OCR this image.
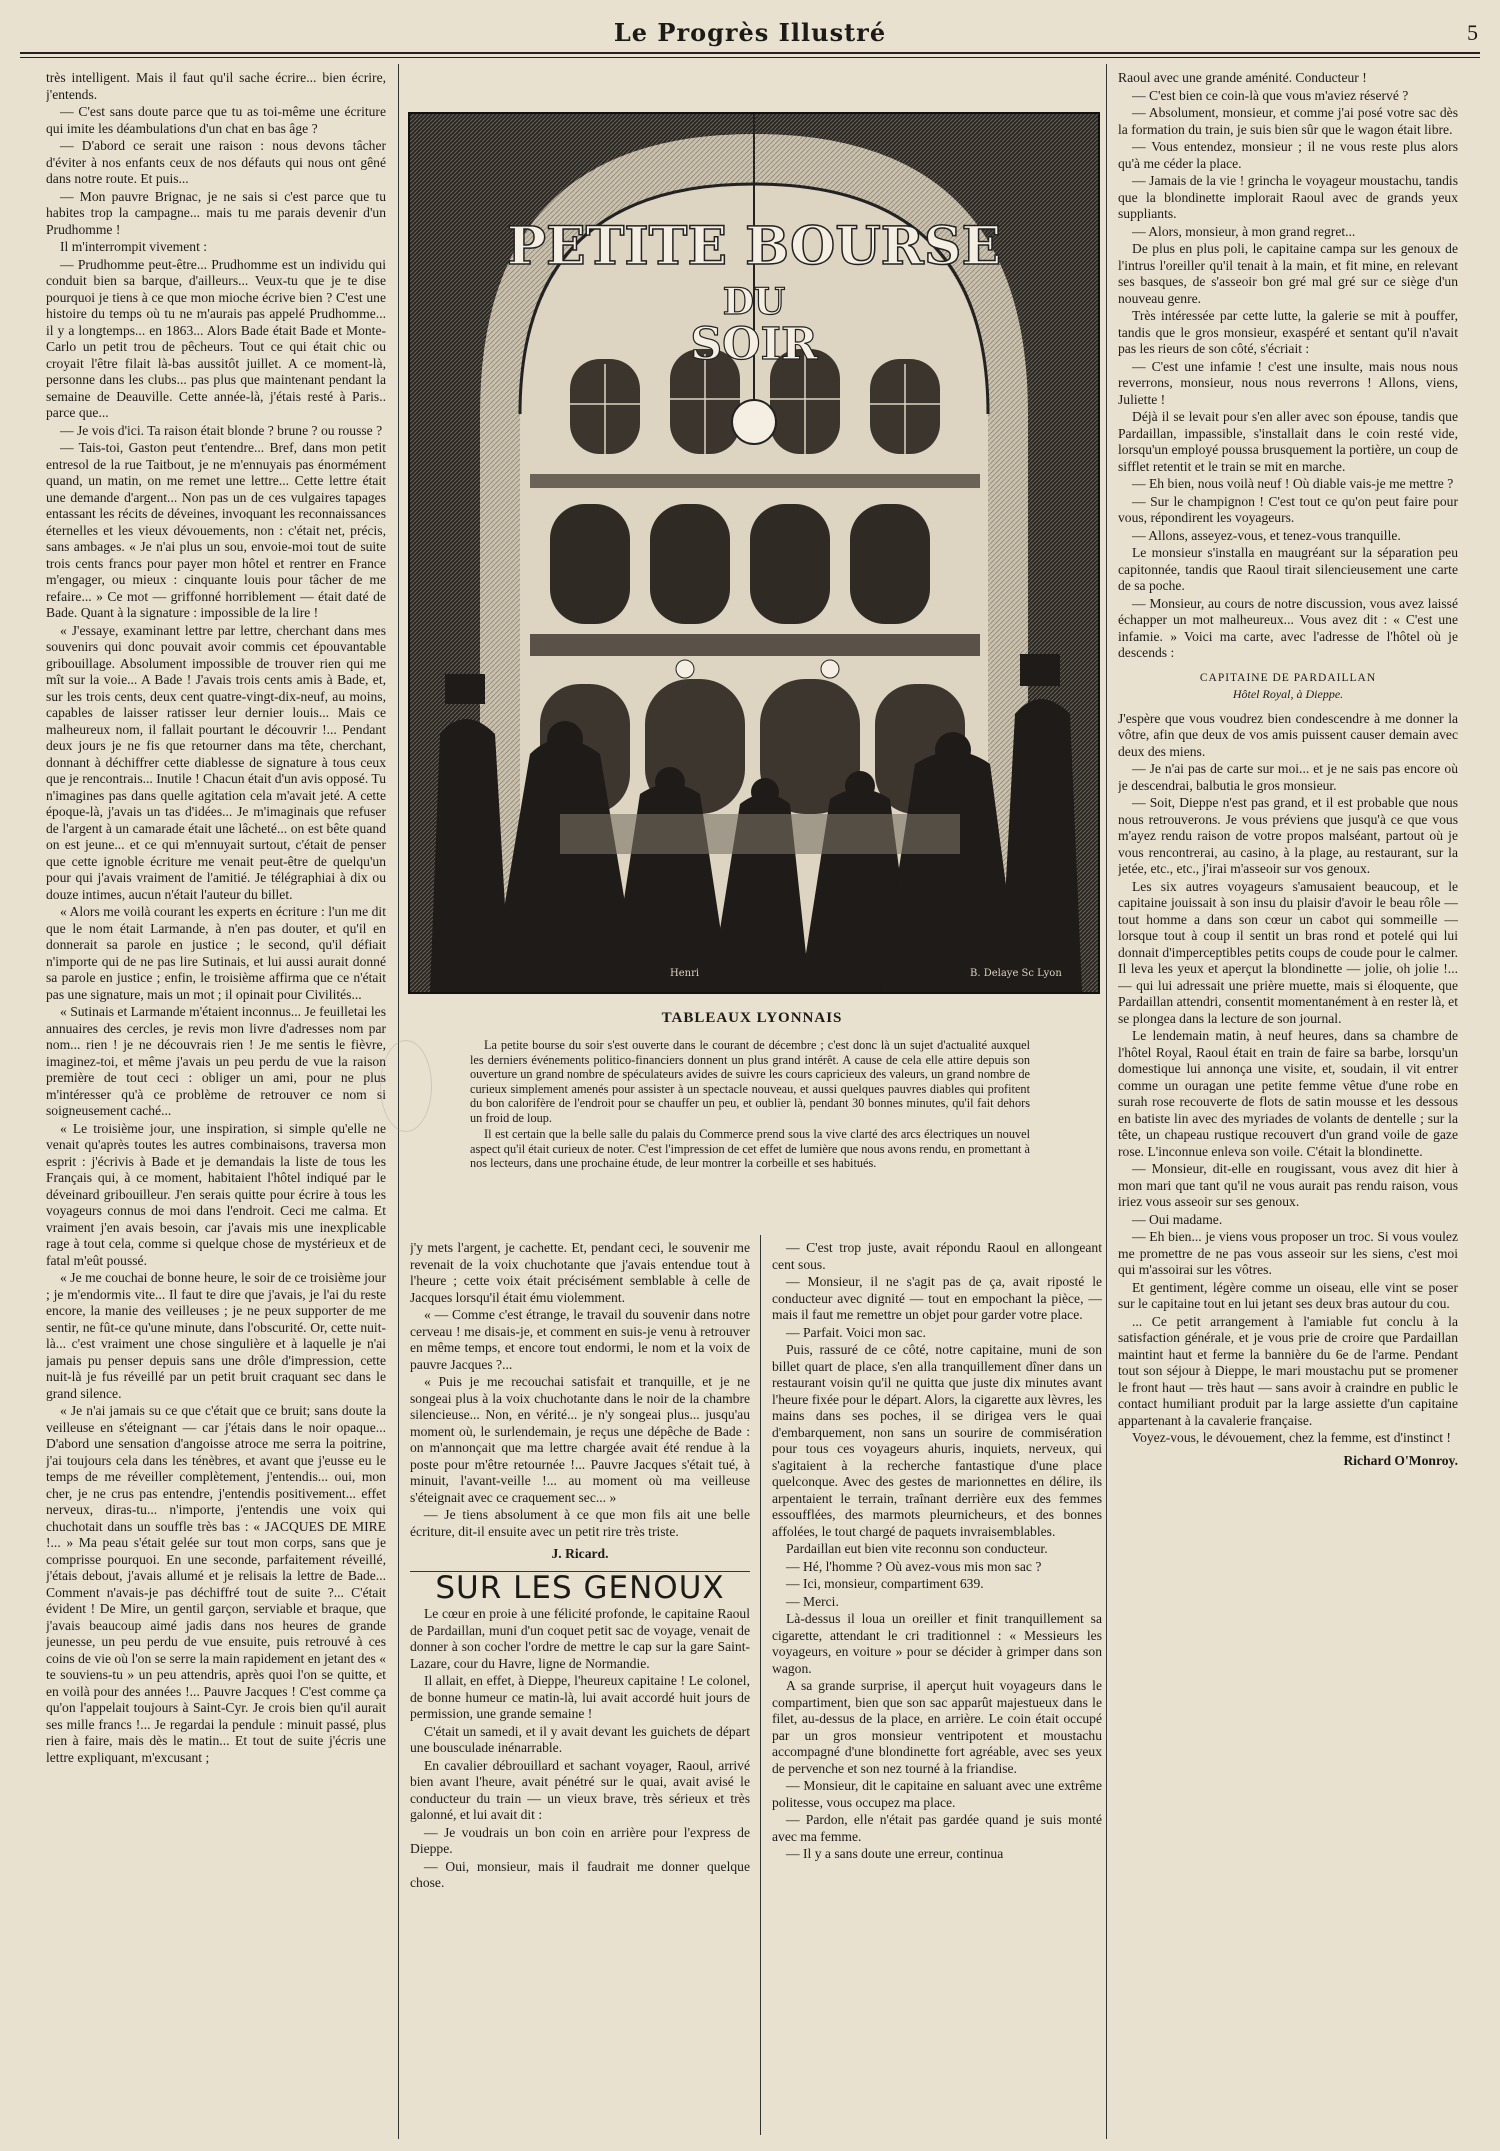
Le Progrès Illustré	5

très intelligent. Mais il faut qu'il sache écrire... bien écrire, j'entends.

— C'est sans doute parce que tu as toi-même une écriture qui imite les déambulations d'un chat en bas âge ?

— D'abord ce serait une raison : nous devons tâcher d'éviter à nos enfants ceux de nos défauts qui nous ont gêné dans notre route. Et puis...

— Mon pauvre Brignac, je ne sais si c'est parce que tu habites trop la campagne... mais tu me parais devenir d'un Prudhomme !

Il m'interrompit vivement :

— Prudhomme peut-être... Prudhomme est un individu qui conduit bien sa barque, d'ailleurs... Veux-tu que je te dise pourquoi je tiens à ce que mon mioche écrive bien ? C'est une histoire du temps où tu ne m'aurais pas appelé Prudhomme... il y a longtemps... en 1863... Alors Bade était Bade et Monte-Carlo un petit trou de pêcheurs. Tout ce qui était chic ou croyait l'être filait là-bas aussitôt juillet. A ce moment-là, personne dans les clubs... pas plus que maintenant pendant la semaine de Deauville. Cette année-là, j'étais resté à Paris.. parce que...

— Je vois d'ici. Ta raison était blonde ? brune ? ou rousse ?

— Tais-toi, Gaston peut t'entendre... Bref, dans mon petit entresol de la rue Taitbout, je ne m'ennuyais pas énormément quand, un matin, on me remet une lettre... Cette lettre était une demande d'argent... Non pas un de ces vulgaires tapages entassant les récits de déveines, invoquant les reconnaissances éternelles et les vieux dévouements, non : c'était net, précis, sans ambages. « Je n'ai plus un sou, envoie-moi tout de suite trois cents francs pour payer mon hôtel et rentrer en France m'engager, ou mieux : cinquante louis pour tâcher de me refaire... » Ce mot — griffonné horriblement — était daté de Bade. Quant à la signature : impossible de la lire !

« J'essaye, examinant lettre par lettre, cherchant dans mes souvenirs qui donc pouvait avoir commis cet épouvantable gribouillage. Absolument impossible de trouver rien qui me mît sur la voie... A Bade ! J'avais trois cents amis à Bade, et, sur les trois cents, deux cent quatre-vingt-dix-neuf, au moins, capables de laisser ratisser leur dernier louis... Mais ce malheureux nom, il fallait pourtant le découvrir !... Pendant deux jours je ne fis que retourner dans ma tête, cherchant, donnant à déchiffrer cette diablesse de signature à tous ceux que je rencontrais... Inutile ! Chacun était d'un avis opposé. Tu n'imagines pas dans quelle agitation cela m'avait jeté. A cette époque-là, j'avais un tas d'idées... Je m'imaginais que refuser de l'argent à un camarade était une lâcheté... on est bête quand on est jeune... et ce qui m'ennuyait surtout, c'était de penser que cette ignoble écriture me venait peut-être de quelqu'un pour qui j'avais vraiment de l'amitié. Je télégraphiai à dix ou douze intimes, aucun n'était l'auteur du billet.

« Alors me voilà courant les experts en écriture : l'un me dit que le nom était Larmande, à n'en pas douter, et qu'il en donnerait sa parole en justice ; le second, qu'il défiait n'importe qui de ne pas lire Sutinais, et lui aussi aurait donné sa parole en justice ; enfin, le troisième affirma que ce n'était pas une signature, mais un mot ; il opinait pour Civilités...

« Sutinais et Larmande m'étaient inconnus... Je feuilletai les annuaires des cercles, je revis mon livre d'adresses nom par nom... rien ! je ne découvrais rien ! Je me sentis le fièvre, imaginez-toi, et même j'avais un peu perdu de vue la raison première de tout ceci : obliger un ami, pour ne plus m'intéresser qu'à ce problème de retrouver ce nom si soigneusement caché...

« Le troisième jour, une inspiration, si simple qu'elle ne venait qu'après toutes les autres combinaisons, traversa mon esprit : j'écrivis à Bade et je demandais la liste de tous les Français qui, à ce moment, habitaient l'hôtel indiqué par le déveinard gribouilleur. J'en serais quitte pour écrire à tous les voyageurs connus de moi dans l'endroit. Ceci me calma. Et vraiment j'en avais besoin, car j'avais mis une inexplicable rage à tout cela, comme si quelque chose de mystérieux et de fatal m'eût poussé.

« Je me couchai de bonne heure, le soir de ce troisième jour ; je m'endormis vite... Il faut te dire que j'avais, je l'ai du reste encore, la manie des veilleuses ; je ne peux supporter de me sentir, ne fût-ce qu'une minute, dans l'obscurité. Or, cette nuit-là... c'est vraiment une chose singulière et à laquelle je n'ai jamais pu penser depuis sans une drôle d'impression, cette nuit-là je fus réveillé par un petit bruit craquant sec dans le grand silence.

« Je n'ai jamais su ce que c'était que ce bruit; sans doute la veilleuse en s'éteignant — car j'étais dans le noir opaque... D'abord une sensation d'angoisse atroce me serra la poitrine, j'ai toujours cela dans les ténèbres, et avant que j'eusse eu le temps de me réveiller complètement, j'entendis... oui, mon cher, je ne crus pas entendre, j'entendis positivement... effet nerveux, diras-tu... n'importe, j'entendis une voix qui chuchotait dans un souffle très bas : « JACQUES DE MIRE !... » Ma peau s'était gelée sur tout mon corps, sans que je comprisse pourquoi. En une seconde, parfaitement réveillé, j'étais debout, j'avais allumé et je relisais la lettre de Bade... Comment n'avais-je pas déchiffré tout de suite ?... C'était évident ! De Mire, un gentil garçon, serviable et braque, que j'avais beaucoup aimé jadis dans nos heures de grande jeunesse, un peu perdu de vue ensuite, puis retrouvé à ces coins de vie où l'on se serre la main rapidement en jetant des « te souviens-tu » un peu attendris, après quoi l'on se quitte, et en voilà pour des années !... Pauvre Jacques ! C'est comme ça qu'on l'appelait toujours à Saint-Cyr. Je crois bien qu'il aurait ses mille francs !... Je regardai la pendule : minuit passé, plus rien à faire, mais dès le matin... Et tout de suite j'écris une lettre expliquant, m'excusant ;

PETITE BOURSE
DU
SOIR
Henri	B. Delaye Sc Lyon
TABLEAUX LYONNAIS

La petite bourse du soir s'est ouverte dans le courant de décembre ; c'est donc là un sujet d'actualité auxquel les derniers événements politico-financiers donnent un plus grand intérêt. A cause de cela elle attire depuis son ouverture un grand nombre de spéculateurs avides de suivre les cours capricieux des valeurs, un grand nombre de curieux simplement amenés pour assister à un spectacle nouveau, et aussi quelques pauvres diables qui profitent du bon calorifère de l'endroit pour se chauffer un peu, et oublier là, pendant 30 bonnes minutes, qu'il fait dehors un froid de loup.

Il est certain que la belle salle du palais du Commerce prend sous la vive clarté des arcs électriques un nouvel aspect qu'il était curieux de noter. C'est l'impression de cet effet de lumière que nous avons rendu, en promettant à nos lecteurs, dans une prochaine étude, de leur montrer la corbeille et ses habitués.

j'y mets l'argent, je cachette. Et, pendant ceci, le souvenir me revenait de la voix chuchotante que j'avais entendue tout à l'heure ; cette voix était précisément semblable à celle de Jacques lorsqu'il était ému violemment.

« — Comme c'est étrange, le travail du souvenir dans notre cerveau ! me disais-je, et comment en suis-je venu à retrouver en même temps, et encore tout endormi, le nom et la voix de pauvre Jacques ?...

« Puis je me recouchai satisfait et tranquille, et je ne songeai plus à la voix chuchotante dans le noir de la chambre silencieuse... Non, en vérité... je n'y songeai plus... jusqu'au moment où, le surlendemain, je reçus une dépêche de Bade : on m'annonçait que ma lettre chargée avait été rendue à la poste pour m'être retournée !... Pauvre Jacques s'était tué, à minuit, l'avant-veille !... au moment où ma veilleuse s'éteignait avec ce craquement sec... »

— Je tiens absolument à ce que mon fils ait une belle écriture, dit-il ensuite avec un petit rire très triste.

J. Ricard.
SUR LES GENOUX

Le cœur en proie à une félicité profonde, le capitaine Raoul de Pardaillan, muni d'un coquet petit sac de voyage, venait de donner à son cocher l'ordre de mettre le cap sur la gare Saint-Lazare, cour du Havre, ligne de Normandie.

Il allait, en effet, à Dieppe, l'heureux capitaine ! Le colonel, de bonne humeur ce matin-là, lui avait accordé huit jours de permission, une grande semaine !

C'était un samedi, et il y avait devant les guichets de départ une bousculade inénarrable.

En cavalier débrouillard et sachant voyager, Raoul, arrivé bien avant l'heure, avait pénétré sur le quai, avait avisé le conducteur du train — un vieux brave, très sérieux et très galonné, et lui avait dit :

— Je voudrais un bon coin en arrière pour l'express de Dieppe.

— Oui, monsieur, mais il faudrait me donner quelque chose.

— C'est trop juste, avait répondu Raoul en allongeant cent sous.

— Monsieur, il ne s'agit pas de ça, avait riposté le conducteur avec dignité — tout en empochant la pièce, — mais il faut me remettre un objet pour garder votre place.

— Parfait. Voici mon sac.

Puis, rassuré de ce côté, notre capitaine, muni de son billet quart de place, s'en alla tranquillement dîner dans un restaurant voisin qu'il ne quitta que juste dix minutes avant l'heure fixée pour le départ. Alors, la cigarette aux lèvres, les mains dans ses poches, il se dirigea vers le quai d'embarquement, non sans un sourire de commisération pour tous ces voyageurs ahuris, inquiets, nerveux, qui s'agitaient à la recherche fantastique d'une place quelconque. Avec des gestes de marionnettes en délire, ils arpentaient le terrain, traînant derrière eux des femmes essoufflées, des marmots pleurnicheurs, et des bonnes affolées, le tout chargé de paquets invraisemblables.

Pardaillan eut bien vite reconnu son conducteur.

— Hé, l'homme ? Où avez-vous mis mon sac ?

— Ici, monsieur, compartiment 639.

— Merci.

Là-dessus il loua un oreiller et finit tranquillement sa cigarette, attendant le cri traditionnel : « Messieurs les voyageurs, en voiture » pour se décider à grimper dans son wagon.

A sa grande surprise, il aperçut huit voyageurs dans le compartiment, bien que son sac apparût majestueux dans le filet, au-dessus de la place, en arrière. Le coin était occupé par un gros monsieur ventripotent et moustachu accompagné d'une blondinette fort agréable, avec ses yeux de pervenche et son nez tourné à la friandise.

— Monsieur, dit le capitaine en saluant avec une extrême politesse, vous occupez ma place.

— Pardon, elle n'était pas gardée quand je suis monté avec ma femme.

— Il y a sans doute une erreur, continua

Raoul avec une grande aménité. Conducteur !

— C'est bien ce coin-là que vous m'aviez réservé ?

— Absolument, monsieur, et comme j'ai posé votre sac dès la formation du train, je suis bien sûr que le wagon était libre.

— Vous entendez, monsieur ; il ne vous reste plus alors qu'à me céder la place.

— Jamais de la vie ! grincha le voyageur moustachu, tandis que la blondinette implorait Raoul avec de grands yeux suppliants.

— Alors, monsieur, à mon grand regret...

De plus en plus poli, le capitaine campa sur les genoux de l'intrus l'oreiller qu'il tenait à la main, et fit mine, en relevant ses basques, de s'asseoir bon gré mal gré sur ce siège d'un nouveau genre.

Très intéressée par cette lutte, la galerie se mit à pouffer, tandis que le gros monsieur, exaspéré et sentant qu'il n'avait pas les rieurs de son côté, s'écriait :

— C'est une infamie ! c'est une insulte, mais nous nous reverrons, monsieur, nous nous reverrons ! Allons, viens, Juliette !

Déjà il se levait pour s'en aller avec son épouse, tandis que Pardaillan, impassible, s'installait dans le coin resté vide, lorsqu'un employé poussa brusquement la portière, un coup de sifflet retentit et le train se mit en marche.

— Eh bien, nous voilà neuf ! Où diable vais-je me mettre ?

— Sur le champignon ! C'est tout ce qu'on peut faire pour vous, répondirent les voyageurs.

— Allons, asseyez-vous, et tenez-vous tranquille.

Le monsieur s'installa en maugréant sur la séparation peu capitonnée, tandis que Raoul tirait silencieusement une carte de sa poche.

— Monsieur, au cours de notre discussion, vous avez laissé échapper un mot malheureux... Vous avez dit : « C'est une infamie. » Voici ma carte, avec l'adresse de l'hôtel où je descends :

CAPITAINE DE PARDAILLAN
Hôtel Royal, à Dieppe.

J'espère que vous voudrez bien condescendre à me donner la vôtre, afin que deux de vos amis puissent causer demain avec deux des miens.

— Je n'ai pas de carte sur moi... et je ne sais pas encore où je descendrai, balbutia le gros monsieur.

— Soit, Dieppe n'est pas grand, et il est probable que nous nous retrouverons. Je vous préviens que jusqu'à ce que vous m'ayez rendu raison de votre propos malséant, partout où je vous rencontrerai, au casino, à la plage, au restaurant, sur la jetée, etc., etc., j'irai m'asseoir sur vos genoux.

Les six autres voyageurs s'amusaient beaucoup, et le capitaine jouissait à son insu du plaisir d'avoir le beau rôle — tout homme a dans son cœur un cabot qui sommeille — lorsque tout à coup il sentit un bras rond et potelé qui lui donnait d'imperceptibles petits coups de coude pour le calmer. Il leva les yeux et aperçut la blondinette — jolie, oh jolie !... — qui lui adressait une prière muette, mais si éloquente, que Pardaillan attendri, consentit momentanément à en rester là, et se plongea dans la lecture de son journal.

Le lendemain matin, à neuf heures, dans sa chambre de l'hôtel Royal, Raoul était en train de faire sa barbe, lorsqu'un domestique lui annonça une visite, et, soudain, il vit entrer comme un ouragan une petite femme vêtue d'une robe en surah rose recouverte de flots de satin mousse et les dessous en batiste lin avec des myriades de volants de dentelle ; sur la tête, un chapeau rustique recouvert d'un grand voile de gaze rose. L'inconnue enleva son voile. C'était la blondinette.

— Monsieur, dit-elle en rougissant, vous avez dit hier à mon mari que tant qu'il ne vous aurait pas rendu raison, vous iriez vous asseoir sur ses genoux.

— Oui madame.

— Eh bien... je viens vous proposer un troc. Si vous voulez me promettre de ne pas vous asseoir sur les siens, c'est moi qui m'assoirai sur les vôtres.

Et gentiment, légère comme un oiseau, elle vint se poser sur le capitaine tout en lui jetant ses deux bras autour du cou.

... Ce petit arrangement à l'amiable fut conclu à la satisfaction générale, et je vous prie de croire que Pardaillan maintint haut et ferme la bannière du 6e de l'arme. Pendant tout son séjour à Dieppe, le mari moustachu put se promener le front haut — très haut — sans avoir à craindre en public le contact humiliant produit par la large assiette d'un capitaine appartenant à la cavalerie française.

Voyez-vous, le dévouement, chez la femme, est d'instinct !

Richard O'Monroy.
